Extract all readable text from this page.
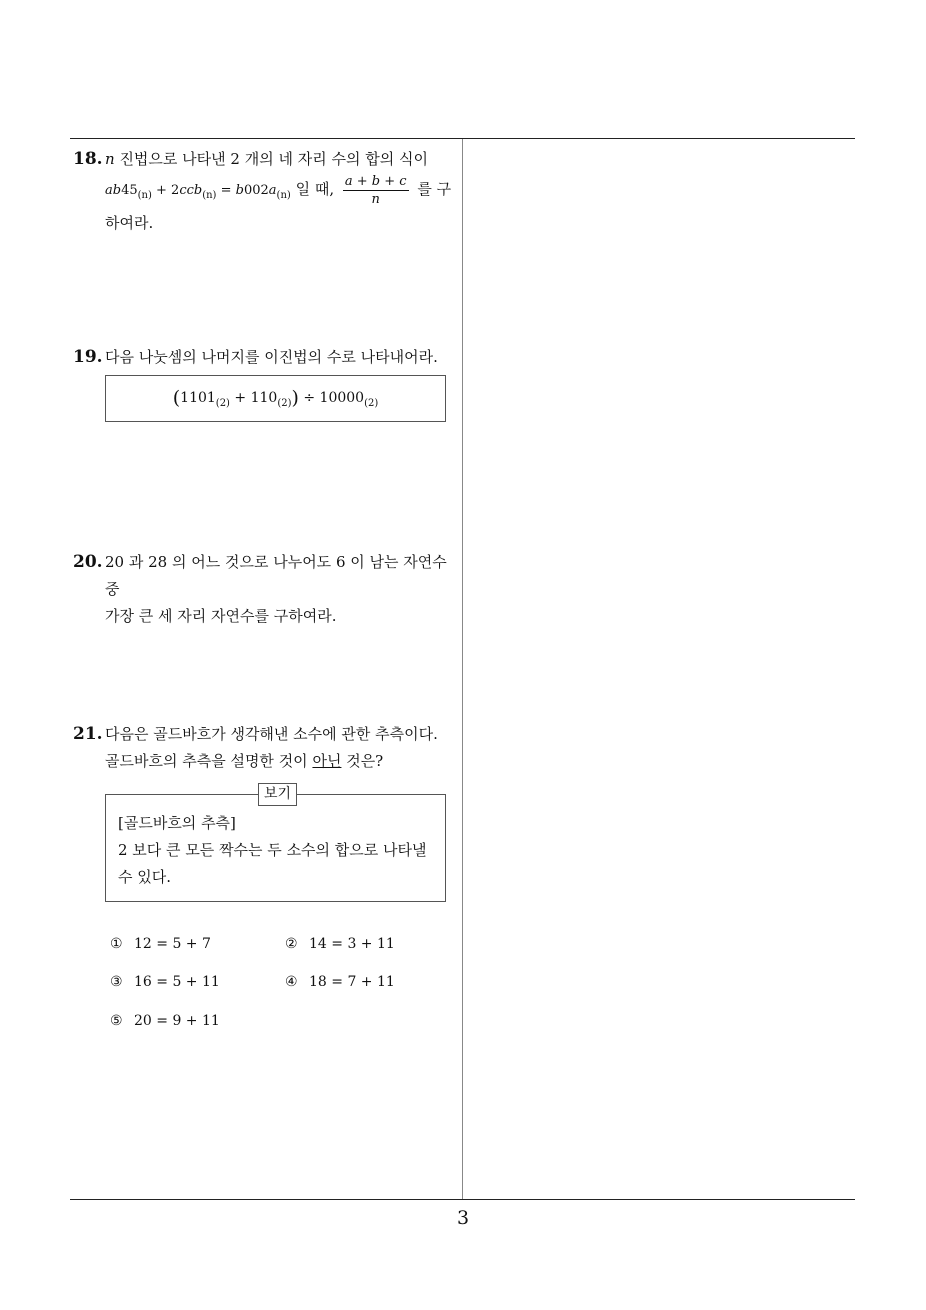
3
18. n 진법으로 나타낸 2 개의 네 자리 수의 합의 식이
$ab45_{(n)} + 2ccb_{(n)} = b002a_{(n)}$ 일 때, $\frac{a + b + c}{n}$ 를 구
하여라.
19. 다음 나눗셈의 나머지를 이진법의 수로 나타내어라.
$(1101_{(2)} + 110_{(2)}) \div 10000_{(2)}$
20. 20 과 28 의 어느 것으로 나누어도 6 이 남는 자연수 중
가장 큰 세 자리 자연수를 구하여라.
21. 다음은 골드바흐가 생각해낸 소수에 관한 추측이다.
골드바흐의 추측을 설명한 것이 아닌 것은?
보기
[골드바흐의 추측]
2 보다 큰 모든 짝수는 두 소수의 합으로 나타낼
수 있다.
① 12 = 5 + 7	② 14 = 3 + 11
③ 16 = 5 + 11	④ 18 = 7 + 11
⑤ 20 = 9 + 11
